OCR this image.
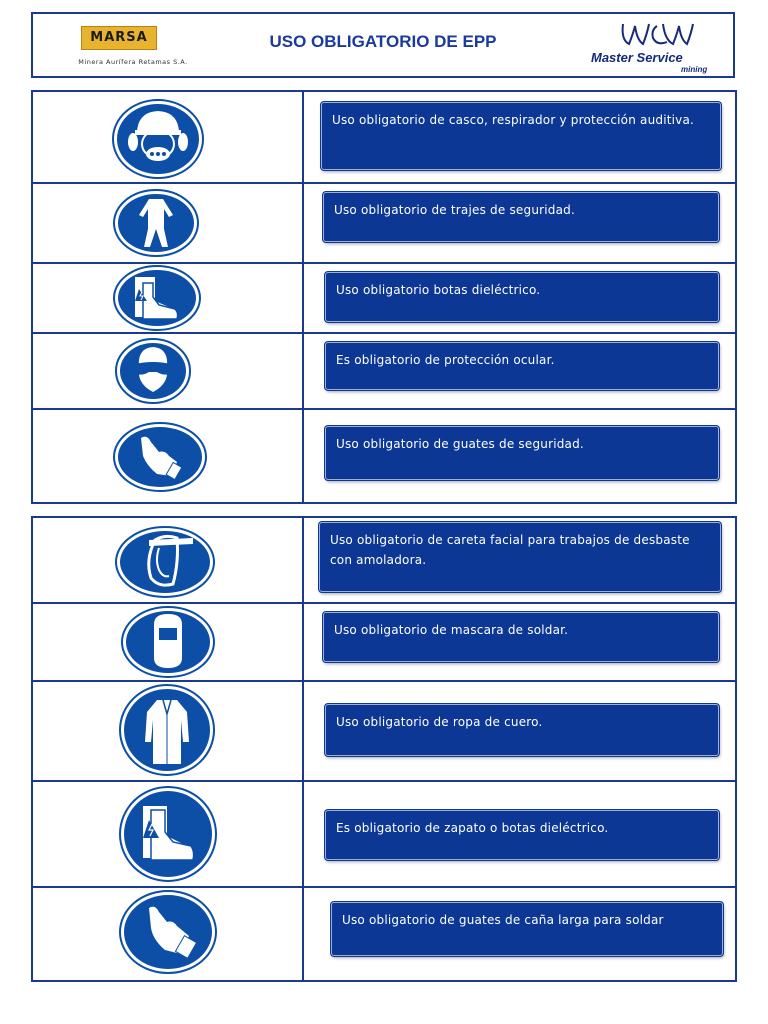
MARSA
Minera Aurífera Retamas S.A.
USO OBLIGATORIO DE EPP
Master Service
mining
Uso obligatorio de casco, respirador y protección auditiva.
Uso obligatorio de trajes de seguridad.
Uso obligatorio botas dieléctrico.
Es obligatorio de protección ocular.
Uso obligatorio de guates de seguridad.
Uso obligatorio de careta facial para trabajos de desbaste con amoladora.
Uso obligatorio de mascara de soldar.
Uso obligatorio de ropa de cuero.
Es obligatorio de zapato o botas dieléctrico.
Uso obligatorio de guates de caña larga para soldar
